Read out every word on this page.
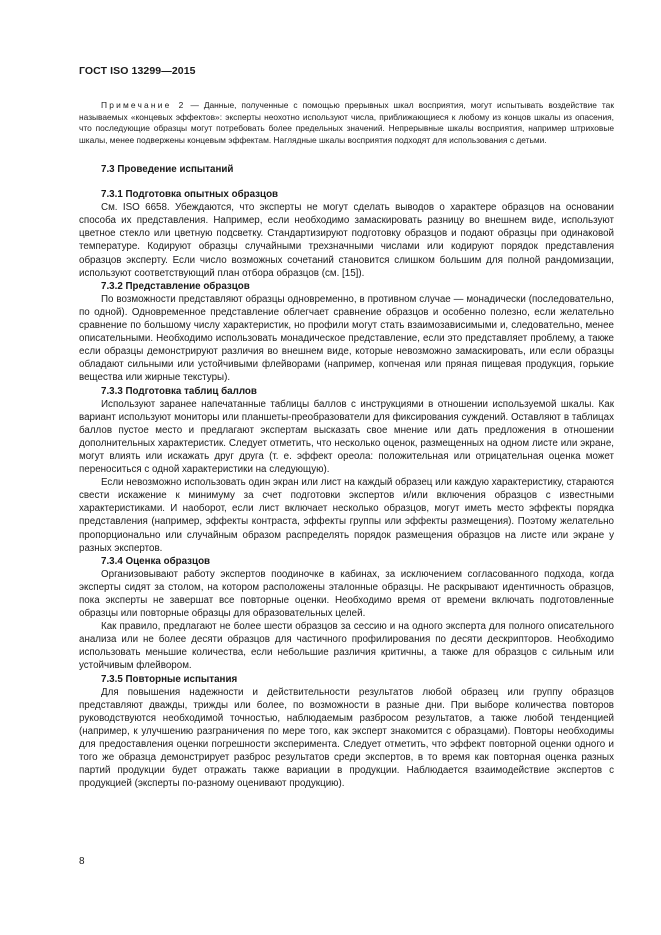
ГОСТ ISO 13299—2015

Примечание 2 — Данные, полученные с помощью прерывных шкал восприятия, могут испытывать воздействие так называемых «концевых эффектов»: эксперты неохотно используют числа, приближающиеся к любому из концов шкалы из опасения, что последующие образцы могут потребовать более предельных значений. Непрерывные шкалы восприятия, например штриховые шкалы, менее подвержены концевым эффектам. Наглядные шкалы восприятия подходят для использования с детьми.

7.3 Проведение испытаний
7.3.1 Подготовка опытных образцов

См. ISO 6658. Убеждаются, что эксперты не могут сделать выводов о характере образцов на основании способа их представления. Например, если необходимо замаскировать разницу во внешнем виде, используют цветное стекло или цветную подсветку. Стандартизируют подготовку образцов и подают образцы при одинаковой температуре. Кодируют образцы случайными трехзначными числами или кодируют порядок представления образцов эксперту. Если число возможных сочетаний становится слишком большим для полной рандомизации, используют соответствующий план отбора образцов (см. [15]).

7.3.2 Представление образцов

По возможности представляют образцы одновременно, в противном случае — монадически (последовательно, по одной). Одновременное представление облегчает сравнение образцов и особенно полезно, если желательно сравнение по большому числу характеристик, но профили могут стать взаимозависимыми и, следовательно, менее описательными. Необходимо использовать монадическое представление, если это представляет проблему, а также если образцы демонстрируют различия во внешнем виде, которые невозможно замаскировать, или если образцы обладают сильными или устойчивыми флейворами (например, копченая или пряная пищевая продукция, горькие вещества или жирные текстуры).

7.3.3 Подготовка таблиц баллов

Используют заранее напечатанные таблицы баллов с инструкциями в отношении используемой шкалы. Как вариант используют мониторы или планшеты-преобразователи для фиксирования суждений. Оставляют в таблицах баллов пустое место и предлагают экспертам высказать свое мнение или дать предложения в отношении дополнительных характеристик. Следует отметить, что несколько оценок, размещенных на одном листе или экране, могут влиять или искажать друг друга (т. е. эффект ореола: положительная или отрицательная оценка может переноситься с одной характеристики на следующую).

Если невозможно использовать один экран или лист на каждый образец или каждую характеристику, стараются свести искажение к минимуму за счет подготовки экспертов и/или включения образцов с известными характеристиками. И наоборот, если лист включает несколько образцов, могут иметь место эффекты порядка представления (например, эффекты контраста, эффекты группы или эффекты размещения). Поэтому желательно пропорционально или случайным образом распределять порядок размещения образцов на листе или экране у разных экспертов.

7.3.4 Оценка образцов

Организовывают работу экспертов поодиночке в кабинах, за исключением согласованного подхода, когда эксперты сидят за столом, на котором расположены эталонные образцы. Не раскрывают идентичность образцов, пока эксперты не завершат все повторные оценки. Необходимо время от времени включать подготовленные образцы или повторные образцы для образовательных целей.

Как правило, предлагают не более шести образцов за сессию и на одного эксперта для полного описательного анализа или не более десяти образцов для частичного профилирования по десяти дескрипторов. Необходимо использовать меньшие количества, если небольшие различия критичны, а также для образцов с сильным или устойчивым флейвором.

7.3.5 Повторные испытания

Для повышения надежности и действительности результатов любой образец или группу образцов представляют дважды, трижды или более, по возможности в разные дни. При выборе количества повторов руководствуются необходимой точностью, наблюдаемым разбросом результатов, а также любой тенденцией (например, к улучшению разграничения по мере того, как эксперт знакомится с образцами). Повторы необходимы для предоставления оценки погрешности эксперимента. Следует отметить, что эффект повторной оценки одного и того же образца демонстрирует разброс результатов среди экспертов, в то время как повторная оценка разных партий продукции будет отражать также вариации в продукции. Наблюдается взаимодействие экспертов с продукцией (эксперты по-разному оценивают продукцию).

8
